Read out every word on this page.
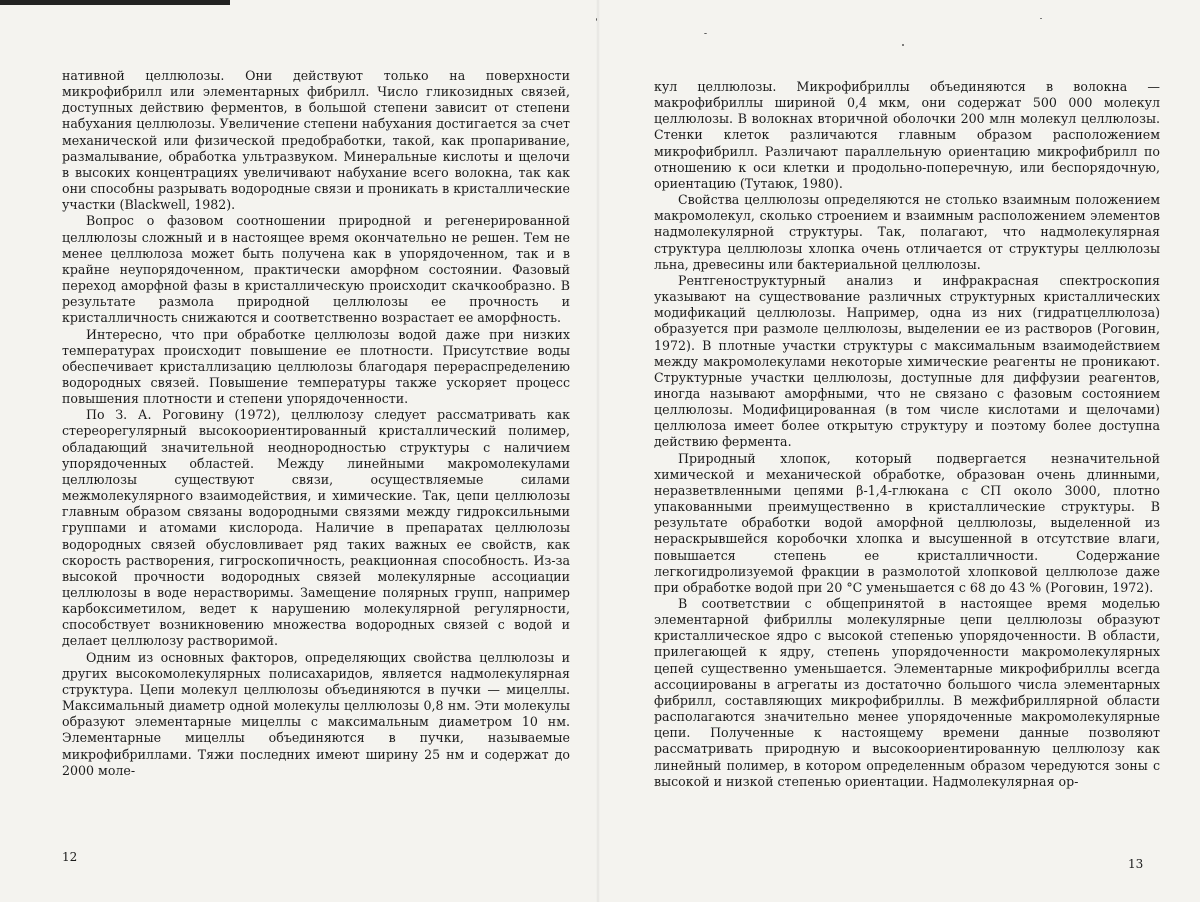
нативной целлюлозы. Они действуют только на поверхности микрофибрилл или элементарных фибрилл. Число гликозидных связей, доступных действию ферментов, в большой степени зависит от степени набухания целлюлозы. Увеличение степени набухания достигается за счет механической или физической предобработки, такой, как пропаривание, размалывание, обработка ультразвуком. Минеральные кислоты и щелочи в высоких концентрациях увеличивают набухание всего волокна, так как они способны разрывать водородные связи и проникать в кристаллические участки (Blackwell, 1982).

Вопрос о фазовом соотношении природной и регенерированной целлюлозы сложный и в настоящее время окончательно не решен. Тем не менее целлюлоза может быть получена как в упорядоченном, так и в крайне неупорядоченном, практически аморфном состоянии. Фазовый переход аморфной фазы в кристаллическую происходит скачкообразно. В результате размола природной целлюлозы ее прочность и кристалличность снижаются и соответственно возрастает ее аморфность.

Интересно, что при обработке целлюлозы водой даже при низких температурах происходит повышение ее плотности. Присутствие воды обеспечивает кристаллизацию целлюлозы благодаря перераспределению водородных связей. Повышение температуры также ускоряет процесс повышения плотности и степени упорядоченности.

По З. А. Роговину (1972), целлюлозу следует рассматривать как стереорегулярный высокоориентированный кристаллический полимер, обладающий значительной неоднородностью структуры с наличием упорядоченных областей. Между линейными макромолекулами целлюлозы существуют связи, осуществляемые силами межмолекулярного взаимодействия, и химические. Так, цепи целлюлозы главным образом связаны водородными связями между гидроксильными группами и атомами кислорода. Наличие в препаратах целлюлозы водородных связей обусловливает ряд таких важных ее свойств, как скорость растворения, гигроскопичность, реакционная способность. Из-за высокой прочности водородных связей молекулярные ассоциации целлюлозы в воде нерастворимы. Замещение полярных групп, например карбоксиметилом, ведет к нарушению молекулярной регулярности, способствует возникновению множества водородных связей с водой и делает целлюлозу растворимой.

Одним из основных факторов, определяющих свойства целлюлозы и других высокомолекулярных полисахаридов, является надмолекулярная структура. Цепи молекул целлюлозы объединяются в пучки — мицеллы. Максимальный диаметр одной молекулы целлюлозы 0,8 нм. Эти молекулы образуют элементарные мицеллы с максимальным диаметром 10 нм. Элементарные мицеллы объединяются в пучки, называемые микрофибриллами. Тяжи последних имеют ширину 25 нм и содержат до 2000 моле-

12

кул целлюлозы. Микрофибриллы объединяются в волокна — макрофибриллы шириной 0,4 мкм, они содержат 500 000 молекул целлюлозы. В волокнах вторичной оболочки 200 млн молекул целлюлозы. Стенки клеток различаются главным образом расположением микрофибрилл. Различают параллельную ориентацию микрофибрилл по отношению к оси клетки и продольно-поперечную, или беспорядочную, ориентацию (Тутаюк, 1980).

Свойства целлюлозы определяются не столько взаимным положением макромолекул, сколько строением и взаимным расположением элементов надмолекулярной структуры. Так, полагают, что надмолекулярная структура целлюлозы хлопка очень отличается от структуры целлюлозы льна, древесины или бактериальной целлюлозы.

Рентгеноструктурный анализ и инфракрасная спектроскопия указывают на существование различных структурных кристаллических модификаций целлюлозы. Например, одна из них (гидратцеллюлоза) образуется при размоле целлюлозы, выделении ее из растворов (Роговин, 1972). В плотные участки структуры с максимальным взаимодействием между макромолекулами некоторые химические реагенты не проникают. Структурные участки целлюлозы, доступные для диффузии реагентов, иногда называют аморфными, что не связано с фазовым состоянием целлюлозы. Модифицированная (в том числе кислотами и щелочами) целлюлоза имеет более открытую структуру и поэтому более доступна действию фермента.

Природный хлопок, который подвергается незначительной химической и механической обработке, образован очень длинными, неразветвленными цепями β-1,4-глюкана с СП около 3000, плотно упакованными преимущественно в кристаллические структуры. В результате обработки водой аморфной целлюлозы, выделенной из нераскрывшейся коробочки хлопка и высушенной в отсутствие влаги, повышается степень ее кристалличности. Содержание легкогидролизуемой фракции в размолотой хлопковой целлюлозе даже при обработке водой при 20 °С уменьшается с 68 до 43 % (Роговин, 1972).

В соответствии с общепринятой в настоящее время моделью элементарной фибриллы молекулярные цепи целлюлозы образуют кристаллическое ядро с высокой степенью упорядоченности. В области, прилегающей к ядру, степень упорядоченности макромолекулярных цепей существенно уменьшается. Элементарные микрофибриллы всегда ассоциированы в агрегаты из достаточно большого числа элементарных фибрилл, составляющих микрофибриллы. В межфибриллярной области располагаются значительно менее упорядоченные макромолекулярные цепи. Полученные к настоящему времени данные позволяют рассматривать природную и высокоориентированную целлюлозу как линейный полимер, в котором определенным образом чередуются зоны с высокой и низкой степенью ориентации. Надмолекулярная ор-

13
